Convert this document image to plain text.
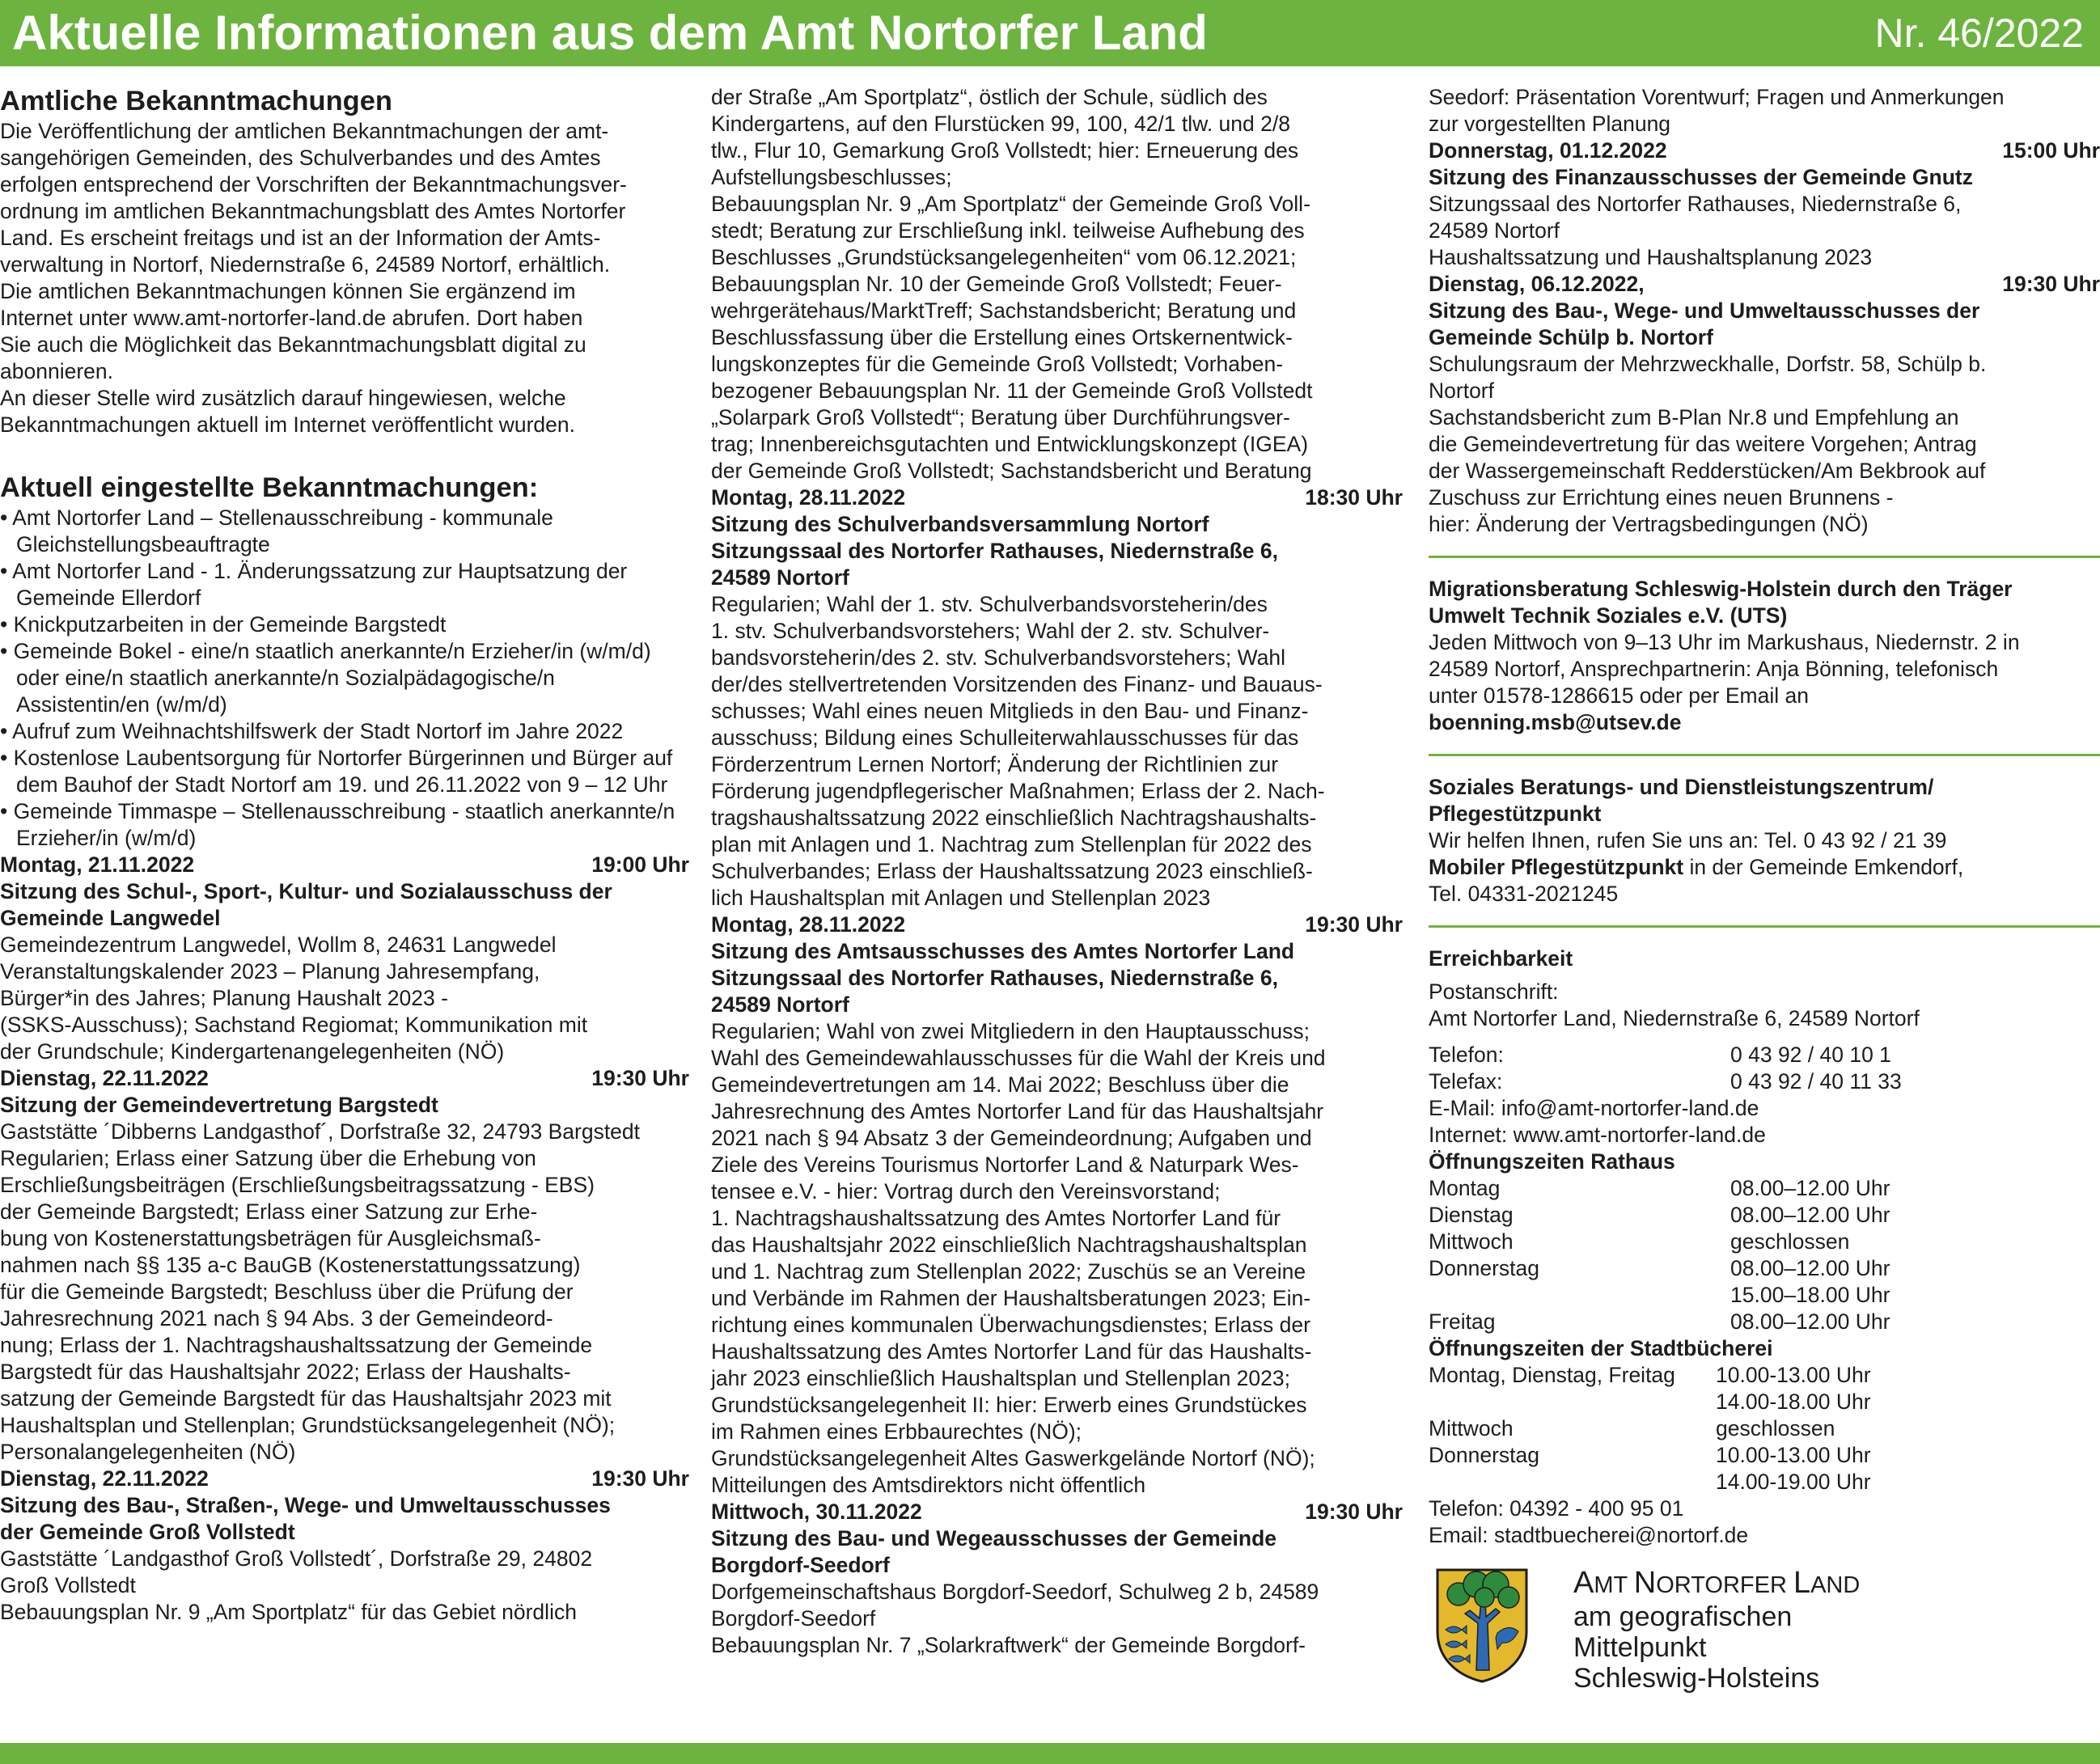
Aktuelle Informationen aus dem Amt Nortorfer Land	Nr. 46/2022
Amtliche Bekanntmachungen
Die Veröffentlichung der amtlichen Bekanntmachungen der amt-
sangehörigen Gemeinden, des Schulverbandes und des Amtes
erfolgen entsprechend der Vorschriften der Bekanntmachungsver-
ordnung im amtlichen Bekanntmachungsblatt des Amtes Nortorfer
Land. Es erscheint freitags und ist an der Information der Amts-
verwaltung in Nortorf, Niedernstraße 6, 24589 Nortorf, erhältlich.
Die amtlichen Bekanntmachungen können Sie ergänzend im
Internet unter www.amt-nortorfer-land.de abrufen. Dort haben
Sie auch die Möglichkeit das Bekanntmachungsblatt digital zu
abonnieren.
An dieser Stelle wird zusätzlich darauf hingewiesen, welche
Bekanntmachungen aktuell im Internet veröffentlicht wurden.
Aktuell eingestellte Bekanntmachungen:
• Amt Nortorfer Land – Stellenausschreibung - kommunale Gleichstellungsbeauftragte
• Amt Nortorfer Land - 1. Änderungssatzung zur Hauptsatzung der Gemeinde Ellerdorf
• Knickputzarbeiten in der Gemeinde Bargstedt
• Gemeinde Bokel - eine/n staatlich anerkannte/n Erzieher/in (w/m/d) oder eine/n staatlich anerkannte/n Sozialpädagogische/n Assistentin/en (w/m/d)
• Aufruf zum Weihnachtshilfswerk der Stadt Nortorf im Jahre 2022
• Kostenlose Laubentsorgung für Nortorfer Bürgerinnen und Bürger auf dem Bauhof der Stadt Nortorf am 19. und 26.11.2022 von 9 – 12 Uhr
• Gemeinde Timmaspe – Stellenausschreibung - staatlich anerkannte/n Erzieher/in (w/m/d)
Montag, 21.11.2022	19:00 Uhr
Sitzung des Schul-, Sport-, Kultur- und Sozialausschuss der
Gemeinde Langwedel
Gemeindezentrum Langwedel, Wollm 8, 24631 Langwedel
Veranstaltungskalender 2023 – Planung Jahresempfang,
Bürger*in des Jahres; Planung Haushalt 2023 -
(SSKS-Ausschuss); Sachstand Regiomat; Kommunikation mit
der Grundschule; Kindergartenangelegenheiten (NÖ)
Dienstag, 22.11.2022	19:30 Uhr
Sitzung der Gemeindevertretung Bargstedt
Gaststätte ´Dibberns Landgasthof´, Dorfstraße 32, 24793 Bargstedt
Regularien; Erlass einer Satzung über die Erhebung von
Erschließungsbeiträgen (Erschließungsbeitragssatzung - EBS)
der Gemeinde Bargstedt; Erlass einer Satzung zur Erhe-
bung von Kostenerstattungsbeträgen für Ausgleichsmaß-
nahmen nach §§ 135 a-c BauGB (Kostenerstattungssatzung)
für die Gemeinde Bargstedt; Beschluss über die Prüfung der
Jahresrechnung 2021 nach § 94 Abs. 3 der Gemeindeord-
nung; Erlass der 1. Nachtragshaushaltssatzung der Gemeinde
Bargstedt für das Haushaltsjahr 2022; Erlass der Haushalts-
satzung der Gemeinde Bargstedt für das Haushaltsjahr 2023 mit
Haushaltsplan und Stellenplan; Grundstücksangelegenheit (NÖ);
Personalangelegenheiten (NÖ)
Dienstag, 22.11.2022	19:30 Uhr
Sitzung des Bau-, Straßen-, Wege- und Umweltausschusses
der Gemeinde Groß Vollstedt
Gaststätte ´Landgasthof Groß Vollstedt´, Dorfstraße 29, 24802
Groß Vollstedt
Bebauungsplan Nr. 9 „Am Sportplatz“ für das Gebiet nördlich
der Straße „Am Sportplatz“, östlich der Schule, südlich des
Kindergartens, auf den Flurstücken 99, 100, 42/1 tlw. und 2/8
tlw., Flur 10, Gemarkung Groß Vollstedt; hier: Erneuerung des
Aufstellungsbeschlusses;
Bebauungsplan Nr. 9 „Am Sportplatz“ der Gemeinde Groß Voll-
stedt; Beratung zur Erschließung inkl. teilweise Aufhebung des
Beschlusses „Grundstücksangelegenheiten“ vom 06.12.2021;
Bebauungsplan Nr. 10 der Gemeinde Groß Vollstedt; Feuer-
wehrgerätehaus/MarktTreff; Sachstandsbericht; Beratung und
Beschlussfassung über die Erstellung eines Ortskernentwick-
lungskonzeptes für die Gemeinde Groß Vollstedt; Vorhaben-
bezogener Bebauungsplan Nr. 11 der Gemeinde Groß Vollstedt
„Solarpark Groß Vollstedt“; Beratung über Durchführungsver-
trag; Innenbereichsgutachten und Entwicklungskonzept (IGEA)
der Gemeinde Groß Vollstedt; Sachstandsbericht und Beratung
Montag, 28.11.2022	18:30 Uhr
Sitzung des Schulverbandsversammlung Nortorf
Sitzungssaal des Nortorfer Rathauses, Niedernstraße 6,
24589 Nortorf
Regularien; Wahl der 1. stv. Schulverbandsvorsteherin/des
1. stv. Schulverbandsvorstehers; Wahl der 2. stv. Schulver-
bandsvorsteherin/des 2. stv. Schulverbandsvorstehers; Wahl
der/des stellvertretenden Vorsitzenden des Finanz- und Bauaus-
schusses; Wahl eines neuen Mitglieds in den Bau- und Finanz-
ausschuss; Bildung eines Schulleiterwahlausschusses für das
Förderzentrum Lernen Nortorf; Änderung der Richtlinien zur
Förderung jugendpflegerischer Maßnahmen; Erlass der 2. Nach-
tragshaushaltssatzung 2022 einschließlich Nachtragshaushalts-
plan mit Anlagen und 1. Nachtrag zum Stellenplan für 2022 des
Schulverbandes; Erlass der Haushaltssatzung 2023 einschließ-
lich Haushaltsplan mit Anlagen und Stellenplan 2023
Montag, 28.11.2022	19:30 Uhr
Sitzung des Amtsausschusses des Amtes Nortorfer Land
Sitzungssaal des Nortorfer Rathauses, Niedernstraße 6,
24589 Nortorf
Regularien; Wahl von zwei Mitgliedern in den Hauptausschuss;
Wahl des Gemeindewahlausschusses für die Wahl der Kreis und
Gemeindevertretungen am 14. Mai 2022; Beschluss über die
Jahresrechnung des Amtes Nortorfer Land für das Haushaltsjahr
2021 nach § 94 Absatz 3 der Gemeindeordnung; Aufgaben und
Ziele des Vereins Tourismus Nortorfer Land & Naturpark Wes-
tensee e.V. - hier: Vortrag durch den Vereinsvorstand;
1. Nachtragshaushaltssatzung des Amtes Nortorfer Land für
das Haushaltsjahr 2022 einschließlich Nachtragshaushaltsplan
und 1. Nachtrag zum Stellenplan 2022; Zuschüs se an Vereine
und Verbände im Rahmen der Haushaltsberatungen 2023; Ein-
richtung eines kommunalen Überwachungsdienstes; Erlass der
Haushaltssatzung des Amtes Nortorfer Land für das Haushalts-
jahr 2023 einschließlich Haushaltsplan und Stellenplan 2023;
Grundstücksangelegenheit II: hier: Erwerb eines Grundstückes
im Rahmen eines Erbbaurechtes (NÖ);
Grundstücksangelegenheit Altes Gaswerkgelände Nortorf (NÖ);
Mitteilungen des Amtsdirektors nicht öffentlich
Mittwoch, 30.11.2022	19:30 Uhr
Sitzung des Bau- und Wegeausschusses der Gemeinde
Borgdorf-Seedorf
Dorfgemeinschaftshaus Borgdorf-Seedorf, Schulweg 2 b, 24589
Borgdorf-Seedorf
Bebauungsplan Nr. 7 „Solarkraftwerk“ der Gemeinde Borgdorf-
Seedorf: Präsentation Vorentwurf; Fragen und Anmerkungen
zur vorgestellten Planung
Donnerstag, 01.12.2022	15:00 Uhr
Sitzung des Finanzausschusses der Gemeinde Gnutz
Sitzungssaal des Nortorfer Rathauses, Niedernstraße 6,
24589 Nortorf
Haushaltssatzung und Haushaltsplanung 2023
Dienstag, 06.12.2022,	19:30 Uhr
Sitzung des Bau-, Wege- und Umweltausschusses der
Gemeinde Schülp b. Nortorf
Schulungsraum der Mehrzweckhalle, Dorfstr. 58, Schülp b.
Nortorf
Sachstandsbericht zum B-Plan Nr.8 und Empfehlung an
die Gemeindevertretung für das weitere Vorgehen; Antrag
der Wassergemeinschaft Redderstücken/Am Bekbrook auf
Zuschuss zur Errichtung eines neuen Brunnens -
hier: Änderung der Vertragsbedingungen (NÖ)
Migrationsberatung Schleswig-Holstein durch den Träger
Umwelt Technik Soziales e.V. (UTS)
Jeden Mittwoch von 9–13 Uhr im Markushaus, Niedernstr. 2 in
24589 Nortorf, Ansprechpartnerin: Anja Bönning, telefonisch
unter 01578-1286615 oder per Email an
boenning.msb@utsev.de
Soziales Beratungs- und Dienstleistungszentrum/
Pflegestützpunkt
Wir helfen Ihnen, rufen Sie uns an: Tel. 0 43 92 / 21 39
Mobiler Pflegestützpunkt in der Gemeinde Emkendorf,
Tel. 04331-2021245
Erreichbarkeit
Postanschrift:
Amt Nortorfer Land, Niedernstraße 6, 24589 Nortorf
Telefon:	0 43 92 / 40 10 1
Telefax:	0 43 92 / 40 11 33
E-Mail: info@amt-nortorfer-land.de
Internet: www.amt-nortorfer-land.de
Öffnungszeiten Rathaus
Montag	08.00–12.00 Uhr
Dienstag	08.00–12.00 Uhr
Mittwoch	geschlossen
Donnerstag	08.00–12.00 Uhr
15.00–18.00 Uhr
Freitag	08.00–12.00 Uhr
Öffnungszeiten der Stadtbücherei
Montag, Dienstag, Freitag	10.00-13.00 Uhr
14.00-18.00 Uhr
Mittwoch	geschlossen
Donnerstag	10.00-13.00 Uhr
14.00-19.00 Uhr
Telefon: 04392 - 400 95 01
Email: stadtbuecherei@nortorf.de
AMT NORTORFER LAND
am geografischen
Mittelpunkt
Schleswig-Holsteins
